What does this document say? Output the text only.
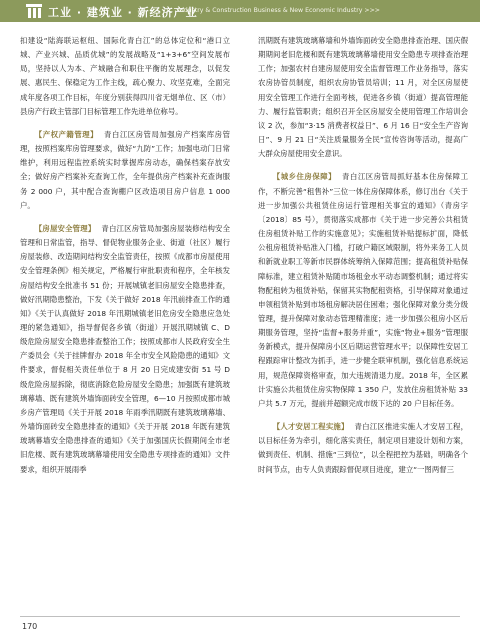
工业 · 建筑业 · 新经济产业
Industry & Construction Business & New Economic Industry >>>

扣建设“陆海联运枢纽、国际化青白江”的总体定位和“港口立城、产业兴城、品质优城”的发展战略及“1+3+6”空间发展布局，坚持以人为本、产城融合和职住平衡的发展理念，以促发展、惠民生、保稳定为工作主线，疏心聚力、攻坚克难，全面完成年度各项工作目标，年度分别获得四川省无烟单位、区（市）县房产行政主管部门目标管理工作先进单位称号。

【产权产籍管理】 青白江区房管局加强房产档案库房管理，按照档案库房管理要求，做好“九防”工作；加强电动门日常维护，利用远程监控系统实时掌握库房动态，确保档案存放安全；做好房产档案补充查询工作，全年提供房产档案补充查询服务 2 000 户，其中配合查询棚户区改造项目房户信息 1 000 户。

【房屋安全管理】 青白江区房管局加强房屋装修结构安全管理和日常监管，指导、督促物业服务企业、街道（社区）履行房屋装修、改造期间结构安全监管责任，按照《成都市房屋使用安全管理条例》相关规定，严格履行审批职责和程序，全年核发房屋结构安全批准书 51 份；开展城镇老旧房屋安全隐患排查，做好汛期隐患整治，下发《关于做好 2018 年汛前排查工作的通知》《关于认真做好 2018 年汛期城镇老旧危房安全隐患应急处理的紧急通知》，指导督促各乡镇（街道）开展汛期城镇 C、D 级危险房屋安全隐患排查整治工作；按照成都市人民政府安全生产委员会《关于挂牌督办 2018 年全市安全风险隐患的通知》文件要求，督促相关责任单位于 8 月 20 日完成建安街 51 号 D 级危险房屋拆除，彻底消除危险房屋安全隐患；加强既有建筑玻璃幕墙、既有建筑外墙饰面砖安全管理，6—10 月按照成都市城乡房产管理局《关于开展 2018 年雨季汛期既有建筑玻璃幕墙、外墙饰面砖安全隐患排查的通知》《关于开展 2018 年既有建筑玻璃幕墙安全隐患排查的通知》《关于加强国庆长假期间全市老旧危楼、既有建筑玻璃幕墙使用安全隐患专项排查的通知》文件要求，组织开展雨季

汛期既有建筑玻璃幕墙和外墙饰面砖安全隐患排查治理、国庆假期期间老旧危楼和既有建筑玻璃幕墙使用安全隐患专项排查治理工作；加强农村自建房屋使用安全监督管理工作业务指导，落实农房协管员制度，组织农房协管员培训；11 月，对全区房屋使用安全管理工作进行全面考核，促进各乡镇（街道）提高管理能力、履行监管职责；组织召开全区房屋安全使用管理工作培训会议 2 次，参加“3·15 消费者权益日”、6 月 16 日“安全生产咨询日”、9 月 21 日“关注质量服务全民”宣传咨询等活动，提高广大群众房屋使用安全意识。

【城乡住房保障】 青白江区房管局抓好基本住房保障工作，不断完善“租售补”三位一体住房保障体系，修订出台《关于进一步加强公共租赁住房运行管理相关事宜的通知》（青房字〔2018〕85 号），贯彻落实成都市《关于进一步完善公共租赁住房租赁补贴工作的实施意见》；实施租赁补贴提标扩面，降低公租房租赁补贴准入门槛，打破户籍区域限制，将外来务工人员和新就业职工等新市民群体统筹纳入保障范围；提高租赁补贴保障标准，建立租赁补贴随市场租金水平动态调整机制；通过将实物配租转为租赁补贴，保留其实物配租资格，引导保障对象通过申领租赁补贴到市场租房解决居住困难；强化保障对象分类分级管理，提升保障对象动态管理精准度；进一步加强公租房小区后期服务管理，坚持“监督+服务并重”，实施“物业+服务”管理服务新模式，提升保障房小区后期运营管理水平；以保障性安居工程跟踪审计整改为抓手，进一步健全联审机制，强化信息系统运用，规范保障资格审查，加大违规清退力度。2018 年，全区累计实施公共租赁住房实物保障 1 350 户，发放住房租赁补贴 33 户共 5.7 万元，提前并超额完成市级下达的 20 户目标任务。

【人才安居工程实施】 青白江区推进实施人才安居工程，以目标任务为牵引，细化落实责任，制定项目建设计划和方案，做到责任、机制、措施“三到位”，以全程把控为基础，明确各个时间节点，由专人负责跟踪督促项目进度，建立“一图两督三

170
